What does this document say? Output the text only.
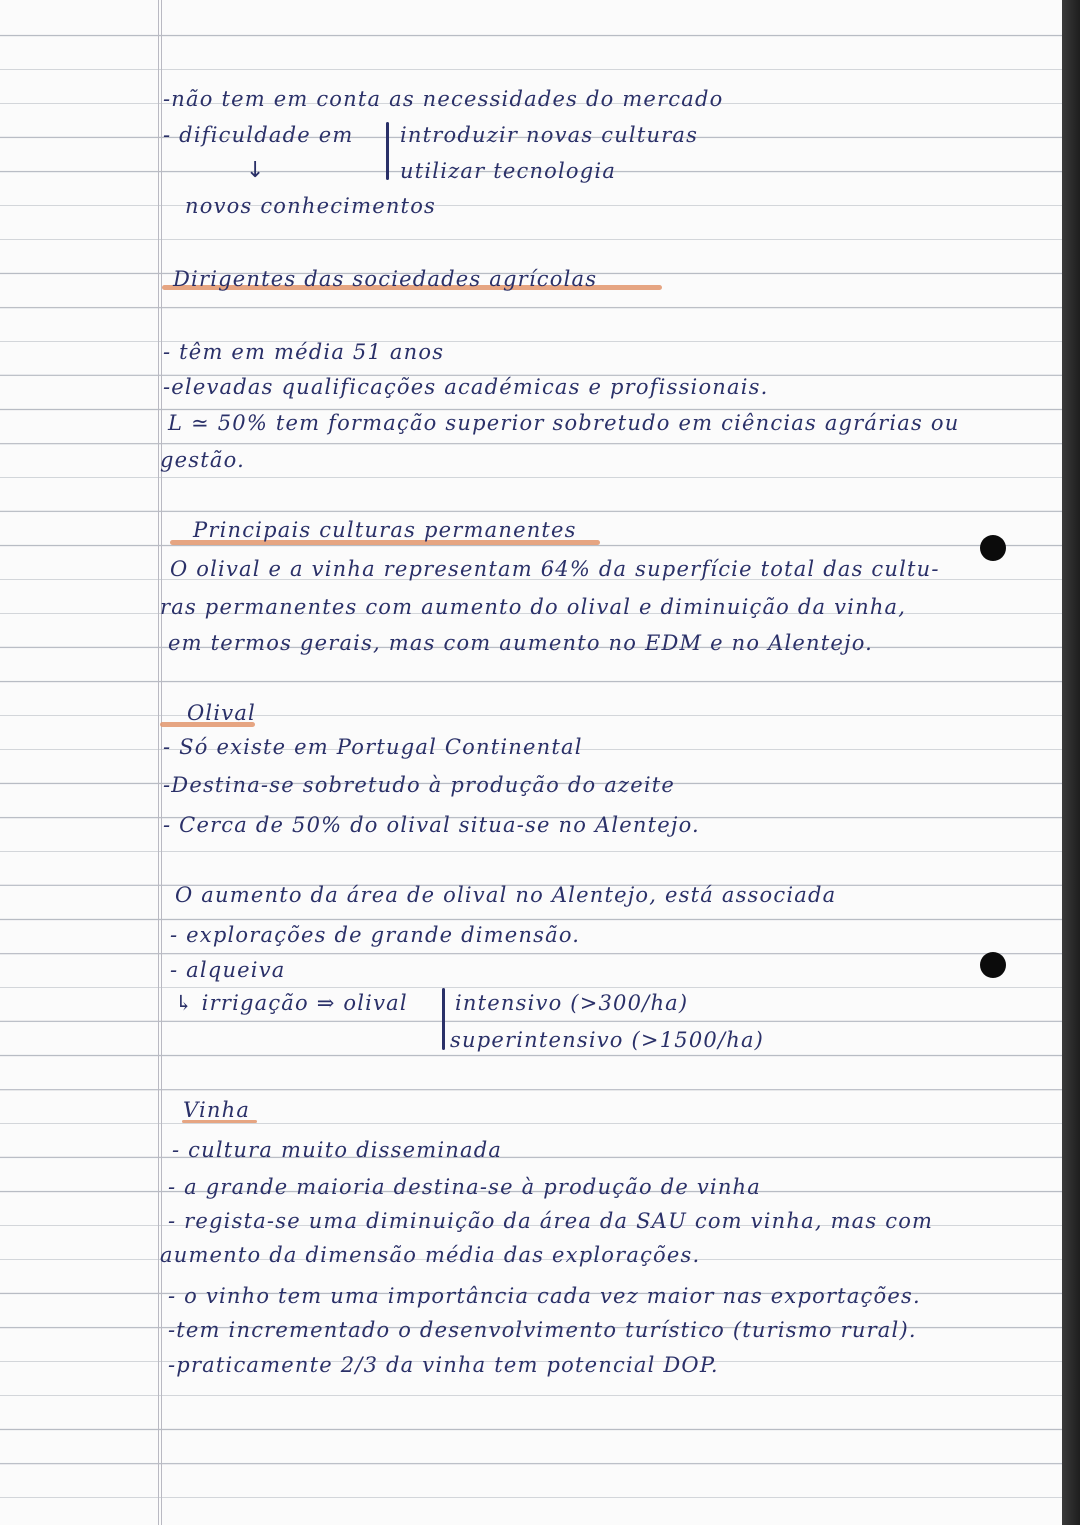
-não tem em conta as necessidades do mercado
- dificuldade em introduzir novas culturas
↓	utilizar tecnologia
novos conhecimentos
Dirigentes das sociedades agrícolas
- têm em média 51 anos
-elevadas qualificações académicas e profissionais.
L ≃ 50% tem formação superior sobretudo em ciências agrárias ou
gestão.
Principais culturas permanentes
O olival e a vinha representam 64% da superfície total das cultu-
ras permanentes com aumento do olival e diminuição da vinha,
em termos gerais, mas com aumento no EDM e no Alentejo.
Olival
- Só existe em Portugal Continental
-Destina-se sobretudo à produção do azeite
- Cerca de 50% do olival situa-se no Alentejo.
O aumento da área de olival no Alentejo, está associada
- explorações de grande dimensão.
- alqueiva
↳ irrigação ⇒ olival intensivo (>300/ha)
superintensivo (>1500/ha)
Vinha
- cultura muito disseminada
- a grande maioria destina-se à produção de vinha
- regista-se uma diminuição da área da SAU com vinha, mas com
aumento da dimensão média das explorações.
- o vinho tem uma importância cada vez maior nas exportações.
-tem incrementado o desenvolvimento turístico (turismo rural).
-praticamente 2/3 da vinha tem potencial DOP.
